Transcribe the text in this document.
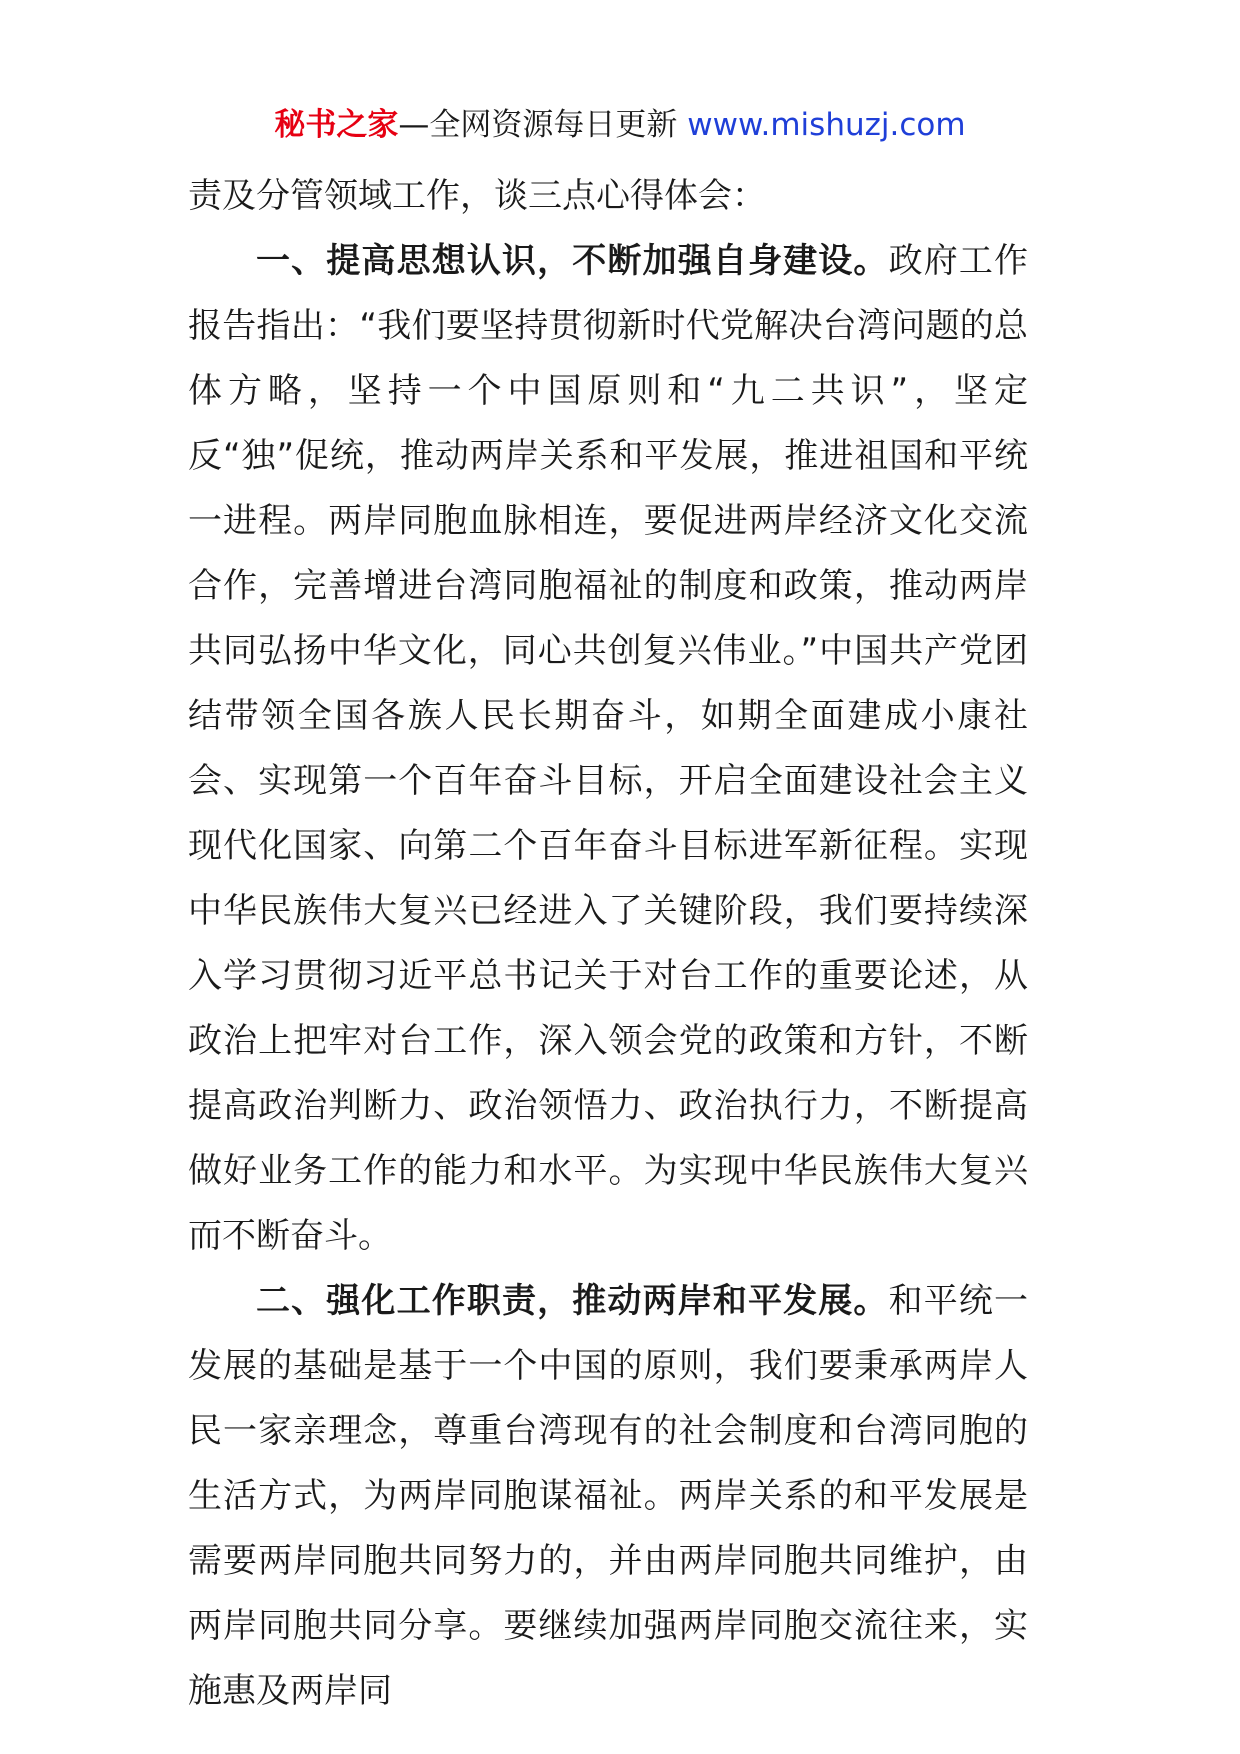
秘书之家—全网资源每日更新 www.mishuzj.com

责及分管领域工作，谈三点心得体会：

一、提高思想认识，不断加强自身建设。政府工作报告指出：“我们要坚持贯彻新时代党解决台湾问题的总体方略，坚持一个中国原则和“九二共识”，坚定反“独”促统，推动两岸关系和平发展，推进祖国和平统一进程。两岸同胞血脉相连，要促进两岸经济文化交流合作，完善增进台湾同胞福祉的制度和政策，推动两岸共同弘扬中华文化，同心共创复兴伟业。”中国共产党团结带领全国各族人民长期奋斗，如期全面建成小康社会、实现第一个百年奋斗目标，开启全面建设社会主义现代化国家、向第二个百年奋斗目标进军新征程。实现中华民族伟大复兴已经进入了关键阶段，我们要持续深入学习贯彻习近平总书记关于对台工作的重要论述，从政治上把牢对台工作，深入领会党的政策和方针，不断提高政治判断力、政治领悟力、政治执行力，不断提高做好业务工作的能力和水平。为实现中华民族伟大复兴而不断奋斗。

二、强化工作职责，推动两岸和平发展。和平统一发展的基础是基于一个中国的原则，我们要秉承两岸人民一家亲理念，尊重台湾现有的社会制度和台湾同胞的生活方式，为两岸同胞谋福祉。两岸关系的和平发展是需要两岸同胞共同努力的，并由两岸同胞共同维护，由两岸同胞共同分享。要继续加强两岸同胞交流往来，实施惠及两岸同
